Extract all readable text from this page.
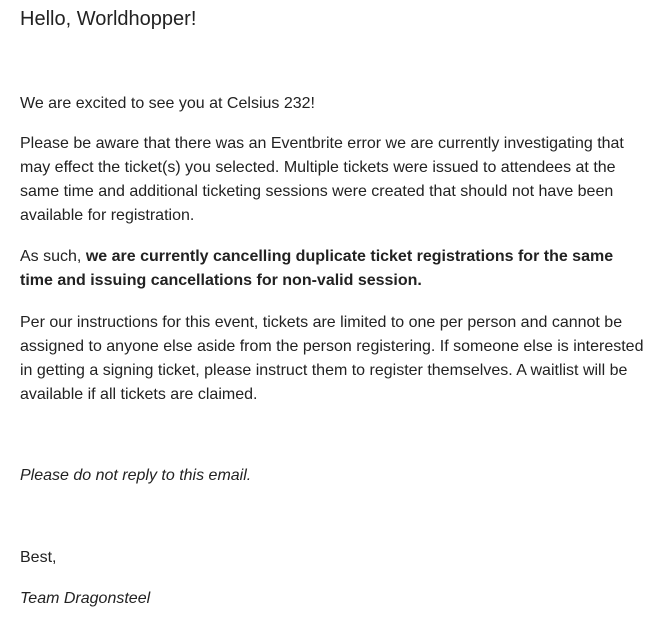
Hello, Worldhopper!

We are excited to see you at Celsius 232!

Please be aware that there was an Eventbrite error we are currently investigating that may effect the ticket(s) you selected. Multiple tickets were issued to attendees at the same time and additional ticketing sessions were created that should not have been available for registration.

As such, we are currently cancelling duplicate ticket registrations for the same time and issuing cancellations for non-valid session.

Per our instructions for this event, tickets are limited to one per person and cannot be assigned to anyone else aside from the person registering. If someone else is interested in getting a signing ticket, please instruct them to register themselves. A waitlist will be available if all tickets are claimed.

Please do not reply to this email.

Best,

Team Dragonsteel
